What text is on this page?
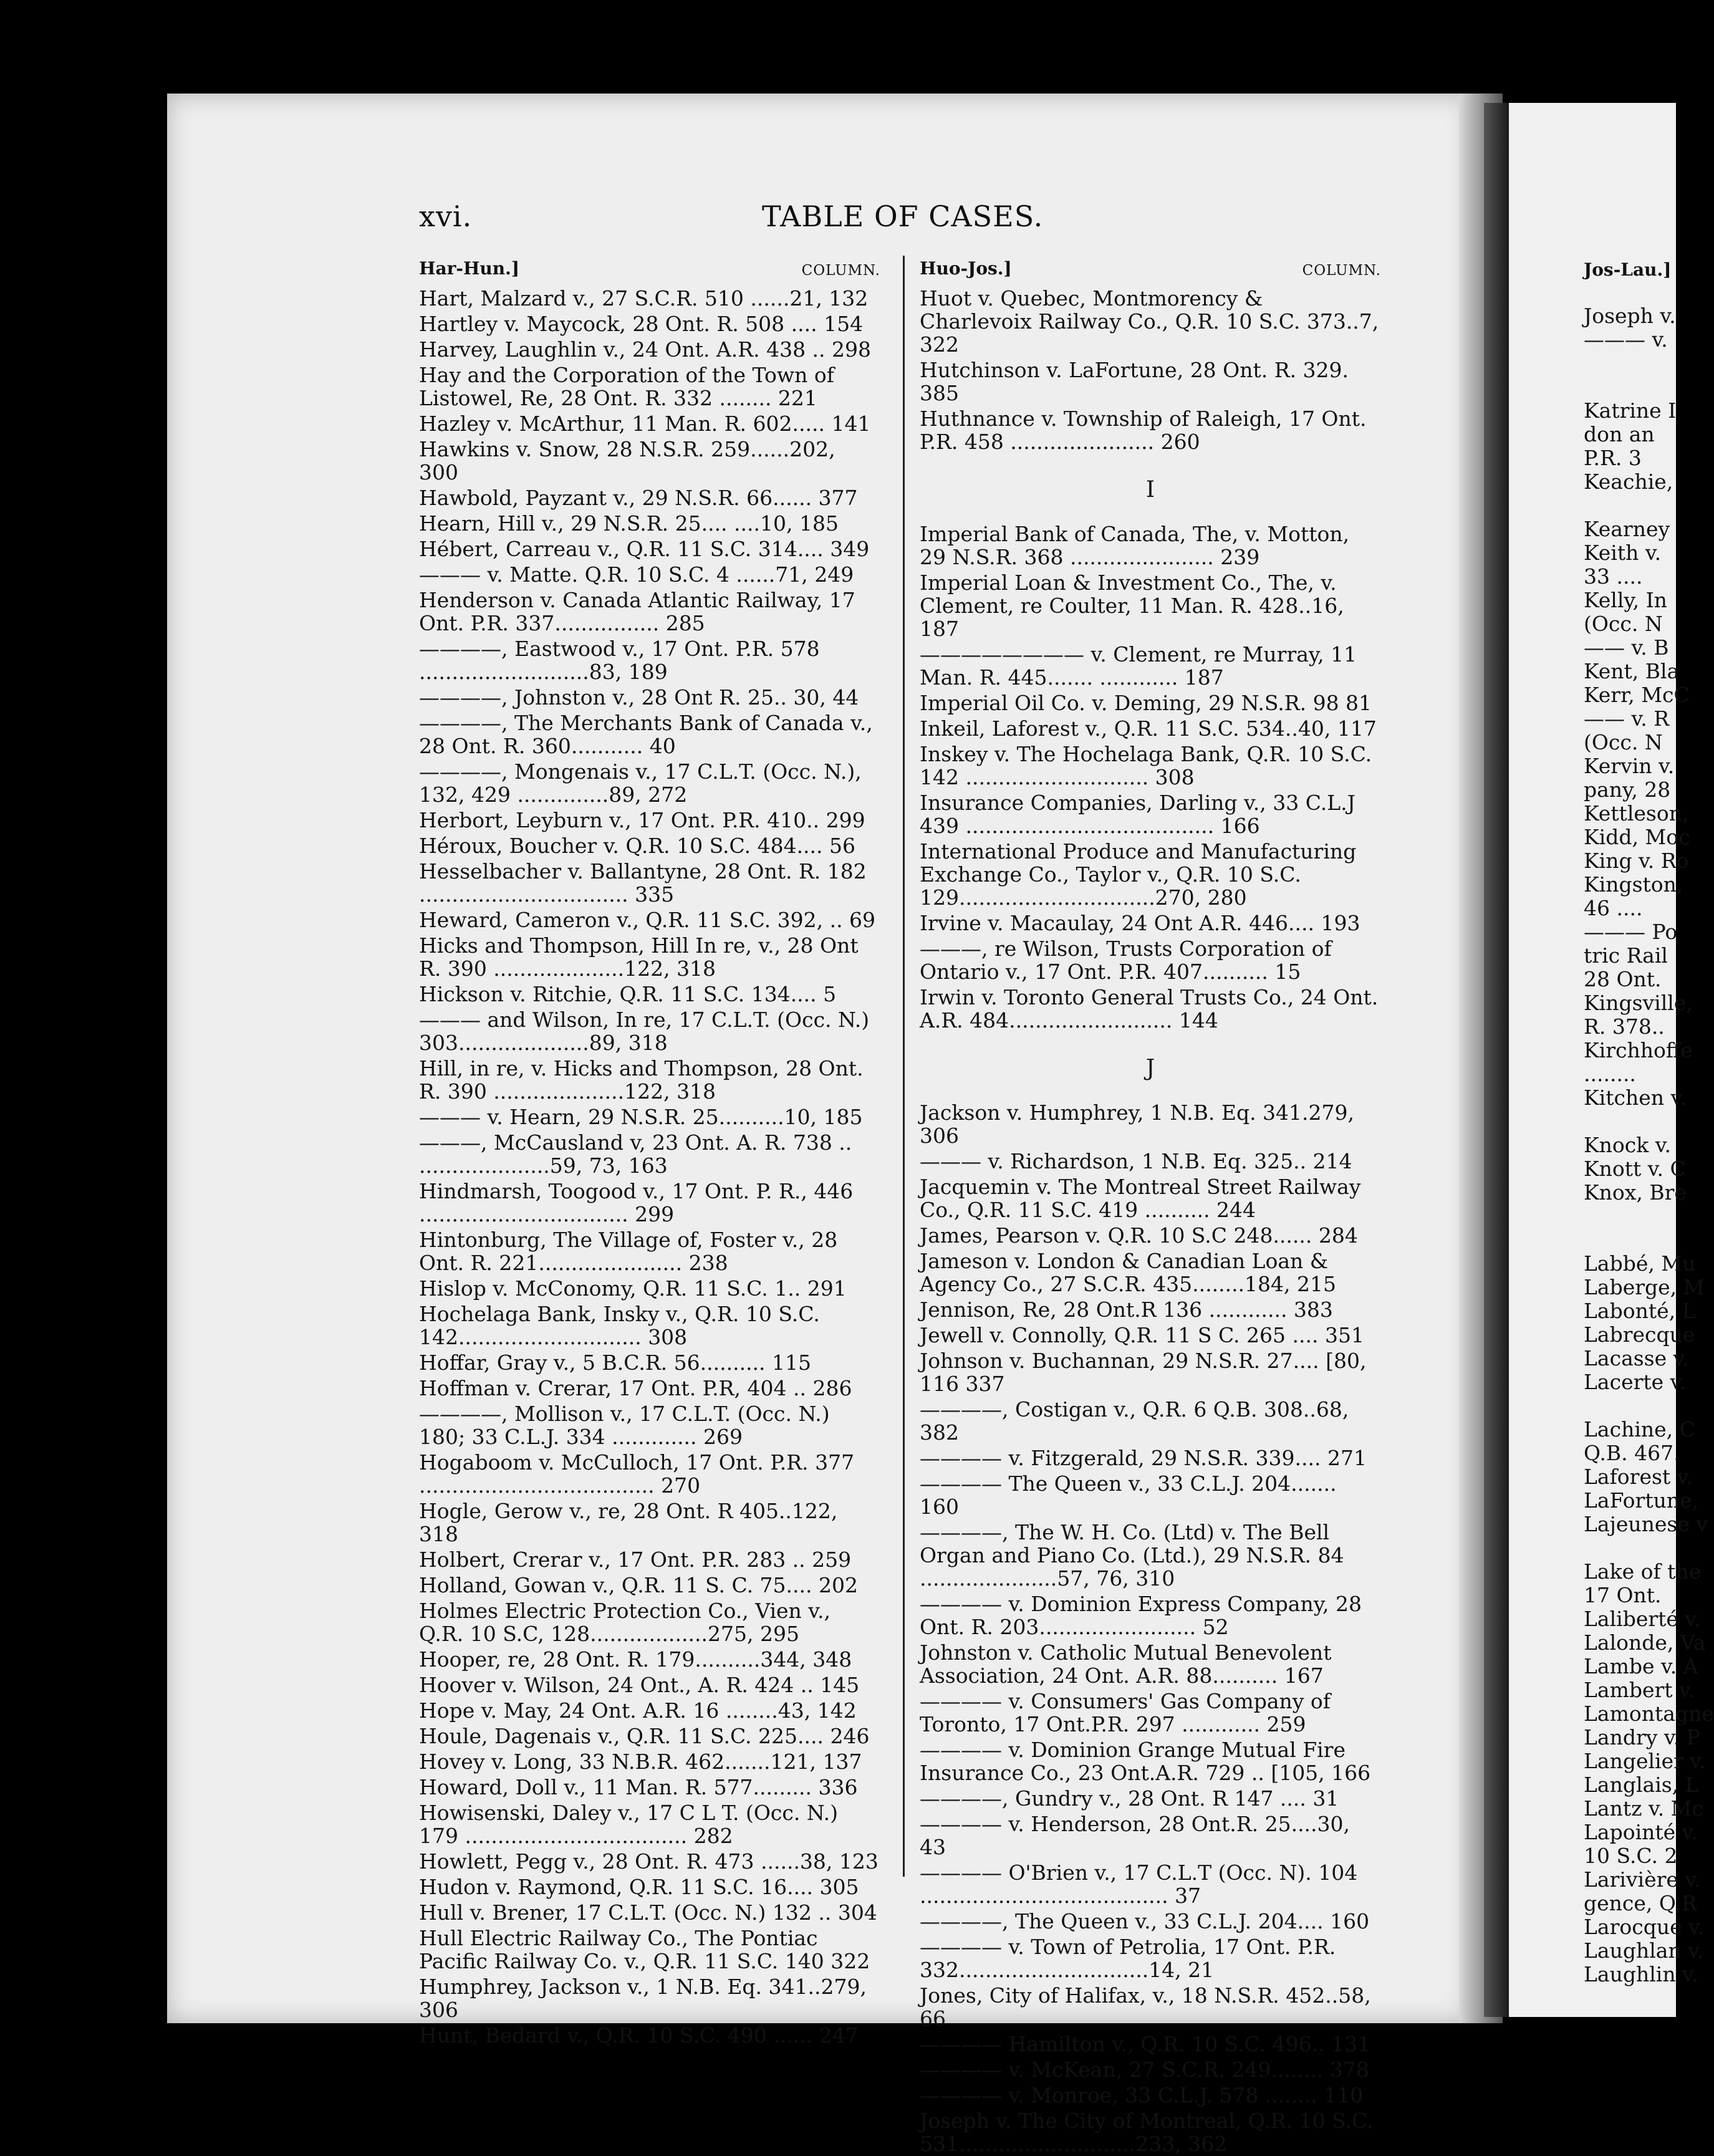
xvi.	TABLE OF CASES.
Har-Hun.]	COLUMN.
Hart, Malzard v., 27 S.C.R. 510 ......21, 132
Hartley v. Maycock, 28 Ont. R. 508 .... 154
Harvey, Laughlin v., 24 Ont. A.R. 438 .. 298
Hay and the Corporation of the Town of Listowel, Re, 28 Ont. R. 332 ........ 221
Hazley v. McArthur, 11 Man. R. 602..... 141
Hawkins v. Snow, 28 N.S.R. 259......202, 300
Hawbold, Payzant v., 29 N.S.R. 66...... 377
Hearn, Hill v., 29 N.S.R. 25.... ....10, 185
Hébert, Carreau v., Q.R. 11 S.C. 314.... 349
——— v. Matte. Q.R. 10 S.C. 4 ......71, 249
Henderson v. Canada Atlantic Railway, 17 Ont. P.R. 337................ 285
————, Eastwood v., 17 Ont. P.R. 578 ..........................83, 189
————, Johnston v., 28 Ont R. 25.. 30, 44
————, The Merchants Bank of Canada v., 28 Ont. R. 360........... 40
————, Mongenais v., 17 C.L.T. (Occ. N.), 132, 429 ..............89, 272
Herbort, Leyburn v., 17 Ont. P.R. 410.. 299
Héroux, Boucher v. Q.R. 10 S.C. 484.... 56
Hesselbacher v. Ballantyne, 28 Ont. R. 182 ................................ 335
Heward, Cameron v., Q.R. 11 S.C. 392, .. 69
Hicks and Thompson, Hill In re, v., 28 Ont R. 390 ....................122, 318
Hickson v. Ritchie, Q.R. 11 S.C. 134.... 5
——— and Wilson, In re, 17 C.L.T. (Occ. N.) 303....................89, 318
Hill, in re, v. Hicks and Thompson, 28 Ont. R. 390 ....................122, 318
——— v. Hearn, 29 N.S.R. 25..........10, 185
———, McCausland v, 23 Ont. A. R. 738 .. ....................59, 73, 163
Hindmarsh, Toogood v., 17 Ont. P. R., 446 ................................ 299
Hintonburg, The Village of, Foster v., 28 Ont. R. 221...................... 238
Hislop v. McConomy, Q.R. 11 S.C. 1.. 291
Hochelaga Bank, Insky v., Q.R. 10 S.C. 142............................ 308
Hoffar, Gray v., 5 B.C.R. 56.......... 115
Hoffman v. Crerar, 17 Ont. P.R, 404 .. 286
————, Mollison v., 17 C.L.T. (Occ. N.) 180; 33 C.L.J. 334 ............. 269
Hogaboom v. McCulloch, 17 Ont. P.R. 377 .................................... 270
Hogle, Gerow v., re, 28 Ont. R 405..122, 318
Holbert, Crerar v., 17 Ont. P.R. 283 .. 259
Holland, Gowan v., Q.R. 11 S. C. 75.... 202
Holmes Electric Protection Co., Vien v., Q.R. 10 S.C, 128..................275, 295
Hooper, re, 28 Ont. R. 179..........344, 348
Hoover v. Wilson, 24 Ont., A. R. 424 .. 145
Hope v. May, 24 Ont. A.R. 16 ........43, 142
Houle, Dagenais v., Q.R. 11 S.C. 225.... 246
Hovey v. Long, 33 N.B.R. 462.......121, 137
Howard, Doll v., 11 Man. R. 577......... 336
Howisenski, Daley v., 17 C L T. (Occ. N.) 179 .................................. 282
Howlett, Pegg v., 28 Ont. R. 473 ......38, 123
Hudon v. Raymond, Q.R. 11 S.C. 16.... 305
Hull v. Brener, 17 C.L.T. (Occ. N.) 132 .. 304
Hull Electric Railway Co., The Pontiac Pacific Railway Co. v., Q.R. 11 S.C. 140 322
Humphrey, Jackson v., 1 N.B. Eq. 341..279, 306
Hunt, Bedard v., Q.R. 10 S.C. 490 ...... 247
Huo-Jos.]	COLUMN.
Huot v. Quebec, Montmorency & Charlevoix Railway Co., Q.R. 10 S.C. 373..7, 322
Hutchinson v. LaFortune, 28 Ont. R. 329. 385
Huthnance v. Township of Raleigh, 17 Ont. P.R. 458 ...................... 260
I
Imperial Bank of Canada, The, v. Motton, 29 N.S.R. 368 ...................... 239
Imperial Loan & Investment Co., The, v. Clement, re Coulter, 11 Man. R. 428..16, 187
———————— v. Clement, re Murray, 11 Man. R. 445....... ............ 187
Imperial Oil Co. v. Deming, 29 N.S.R. 98 81
Inkeil, Laforest v., Q.R. 11 S.C. 534..40, 117
Inskey v. The Hochelaga Bank, Q.R. 10 S.C. 142 ............................ 308
Insurance Companies, Darling v., 33 C.L.J 439 ...................................... 166
International Produce and Manufacturing Exchange Co., Taylor v., Q.R. 10 S.C. 129..............................270, 280
Irvine v. Macaulay, 24 Ont A.R. 446.... 193
———, re Wilson, Trusts Corporation of Ontario v., 17 Ont. P.R. 407.......... 15
Irwin v. Toronto General Trusts Co., 24 Ont. A.R. 484......................... 144
J
Jackson v. Humphrey, 1 N.B. Eq. 341.279, 306
——— v. Richardson, 1 N.B. Eq. 325.. 214
Jacquemin v. The Montreal Street Railway Co., Q.R. 11 S.C. 419 .......... 244
James, Pearson v. Q.R. 10 S.C 248...... 284
Jameson v. London & Canadian Loan & Agency Co., 27 S.C.R. 435........184, 215
Jennison, Re, 28 Ont.R 136 ............ 383
Jewell v. Connolly, Q.R. 11 S C. 265 .... 351
Johnson v. Buchannan, 29 N.S.R. 27.... [80, 116 337
————, Costigan v., Q.R. 6 Q.B. 308..68, 382
———— v. Fitzgerald, 29 N.S.R. 339.... 271
———— The Queen v., 33 C.L.J. 204....... 160
————, The W. H. Co. (Ltd) v. The Bell Organ and Piano Co. (Ltd.), 29 N.S.R. 84 .....................57, 76, 310
———— v. Dominion Express Company, 28 Ont. R. 203........................ 52
Johnston v. Catholic Mutual Benevolent Association, 24 Ont. A.R. 88.......... 167
———— v. Consumers' Gas Company of Toronto, 17 Ont.P.R. 297 ............ 259
———— v. Dominion Grange Mutual Fire Insurance Co., 23 Ont.A.R. 729 .. [105, 166
————, Gundry v., 28 Ont. R 147 .... 31
———— v. Henderson, 28 Ont.R. 25....30, 43
———— O'Brien v., 17 C.L.T (Occ. N). 104 ...................................... 37
————, The Queen v., 33 C.L.J. 204.... 160
———— v. Town of Petrolia, 17 Ont. P.R. 332.............................14, 21
Jones, City of Halifax, v., 18 N.S.R. 452..58, 66
———— Hamilton v., Q.R. 10 S.C. 496.. 131
———— v. McKean, 27 S.C.R. 249........ 378
———— v. Monroe, 33 C.L.J. 578 ........ 110
Joseph v. The City of Montreal, Q.R. 10 S.C. 531...........................233, 362
Jos-Lau.]
Joseph v.
——— v.
Katrine I
don an
P.R. 3
Keachie,
Kearney
Keith v.
33 ....
Kelly, In
(Occ. N
—— v. B
Kent, Bla
Kerr, McC
—— v. R
(Occ. N
Kervin v.
pany, 28
Kettleson,
Kidd, Moc
King v. Ro
Kingston,
46 ....
——— Po
tric Rail
28 Ont.
Kingsville,
R. 378..
Kirchhoffe
........
Kitchen v.
Knock v.
Knott v. C
Knox, Bre
Labbé, Mu
Laberge, M
Labonté, L
Labrecque
Lacasse v.
Lacerte v.
Lachine, C
Q.B. 467.
Laforest v.
LaFortune,
Lajeunese v
Lake of the
17 Ont.
Laliberté v.
Lalonde, Va
Lambe v. A
Lambert v.
Lamontagne
Landry v. P
Langelier v.
Langlais, L
Lantz v. Mc
Lapointé v.
10 S.C. 2
Larivière v.
gence, Q.R
Larocque v.
Laughlan v.
Laughlin v.
